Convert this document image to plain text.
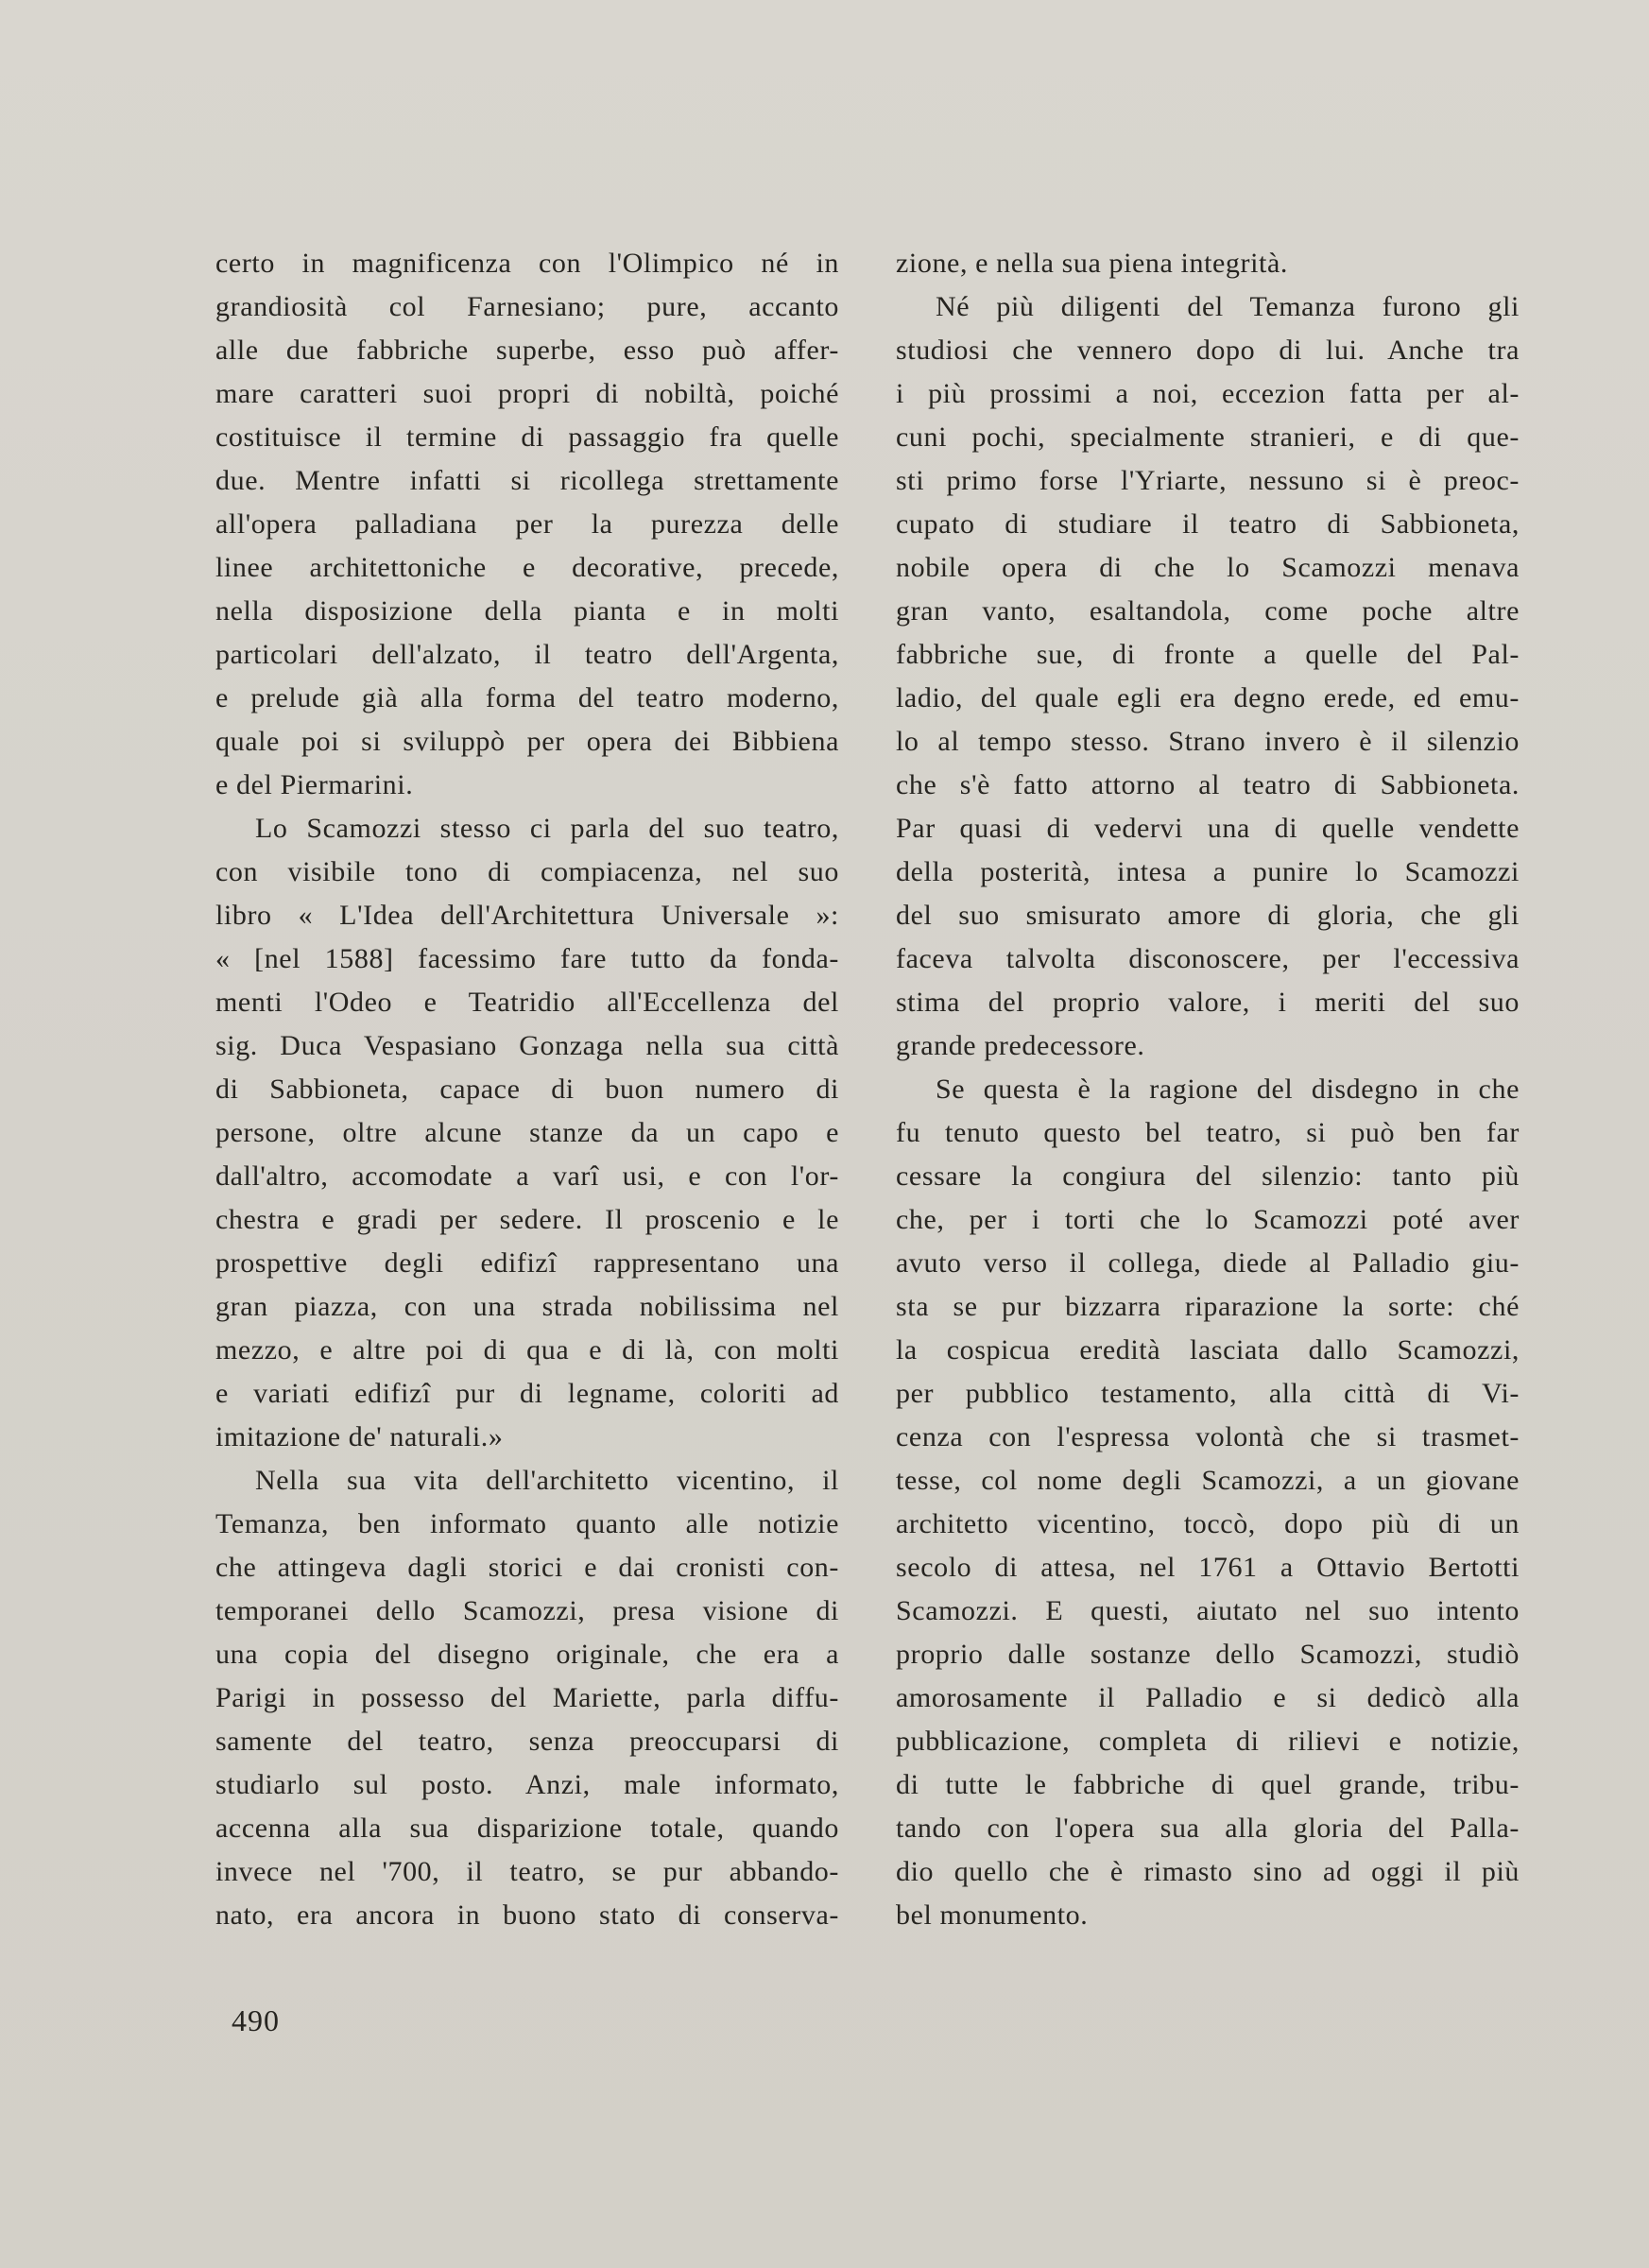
certo in magnificenza con l'Olimpico né in
grandiosità col Farnesiano; pure, accanto
alle due fabbriche superbe, esso può affer-
mare caratteri suoi propri di nobiltà, poiché
costituisce il termine di passaggio fra quelle
due. Mentre infatti si ricollega strettamente
all'opera palladiana per la purezza delle
linee architettoniche e decorative, precede,
nella disposizione della pianta e in molti
particolari dell'alzato, il teatro dell'Argenta,
e prelude già alla forma del teatro moderno,
quale poi si sviluppò per opera dei Bibbiena
e del Piermarini.
Lo Scamozzi stesso ci parla del suo teatro,
con visibile tono di compiacenza, nel suo
libro « L'Idea dell'Architettura Universale »:
« [nel 1588] facessimo fare tutto da fonda-
menti l'Odeo e Teatridio all'Eccellenza del
sig. Duca Vespasiano Gonzaga nella sua città
di Sabbioneta, capace di buon numero di
persone, oltre alcune stanze da un capo e
dall'altro, accomodate a varî usi, e con l'or-
chestra e gradi per sedere. Il proscenio e le
prospettive degli edifizî rappresentano una
gran piazza, con una strada nobilissima nel
mezzo, e altre poi di qua e di là, con molti
e variati edifizî pur di legname, coloriti ad
imitazione de' naturali.»
Nella sua vita dell'architetto vicentino, il
Temanza, ben informato quanto alle notizie
che attingeva dagli storici e dai cronisti con-
temporanei dello Scamozzi, presa visione di
una copia del disegno originale, che era a
Parigi in possesso del Mariette, parla diffu-
samente del teatro, senza preoccuparsi di
studiarlo sul posto. Anzi, male informato,
accenna alla sua disparizione totale, quando
invece nel '700, il teatro, se pur abbando-
nato, era ancora in buono stato di conserva-
zione, e nella sua piena integrità.
Né più diligenti del Temanza furono gli
studiosi che vennero dopo di lui. Anche tra
i più prossimi a noi, eccezion fatta per al-
cuni pochi, specialmente stranieri, e di que-
sti primo forse l'Yriarte, nessuno si è preoc-
cupato di studiare il teatro di Sabbioneta,
nobile opera di che lo Scamozzi menava
gran vanto, esaltandola, come poche altre
fabbriche sue, di fronte a quelle del Pal-
ladio, del quale egli era degno erede, ed emu-
lo al tempo stesso. Strano invero è il silenzio
che s'è fatto attorno al teatro di Sabbioneta.
Par quasi di vedervi una di quelle vendette
della posterità, intesa a punire lo Scamozzi
del suo smisurato amore di gloria, che gli
faceva talvolta disconoscere, per l'eccessiva
stima del proprio valore, i meriti del suo
grande predecessore.
Se questa è la ragione del disdegno in che
fu tenuto questo bel teatro, si può ben far
cessare la congiura del silenzio: tanto più
che, per i torti che lo Scamozzi poté aver
avuto verso il collega, diede al Palladio giu-
sta se pur bizzarra riparazione la sorte: ché
la cospicua eredità lasciata dallo Scamozzi,
per pubblico testamento, alla città di Vi-
cenza con l'espressa volontà che si trasmet-
tesse, col nome degli Scamozzi, a un giovane
architetto vicentino, toccò, dopo più di un
secolo di attesa, nel 1761 a Ottavio Bertotti
Scamozzi. E questi, aiutato nel suo intento
proprio dalle sostanze dello Scamozzi, studiò
amorosamente il Palladio e si dedicò alla
pubblicazione, completa di rilievi e notizie,
di tutte le fabbriche di quel grande, tribu-
tando con l'opera sua alla gloria del Palla-
dio quello che è rimasto sino ad oggi il più
bel monumento.
490
